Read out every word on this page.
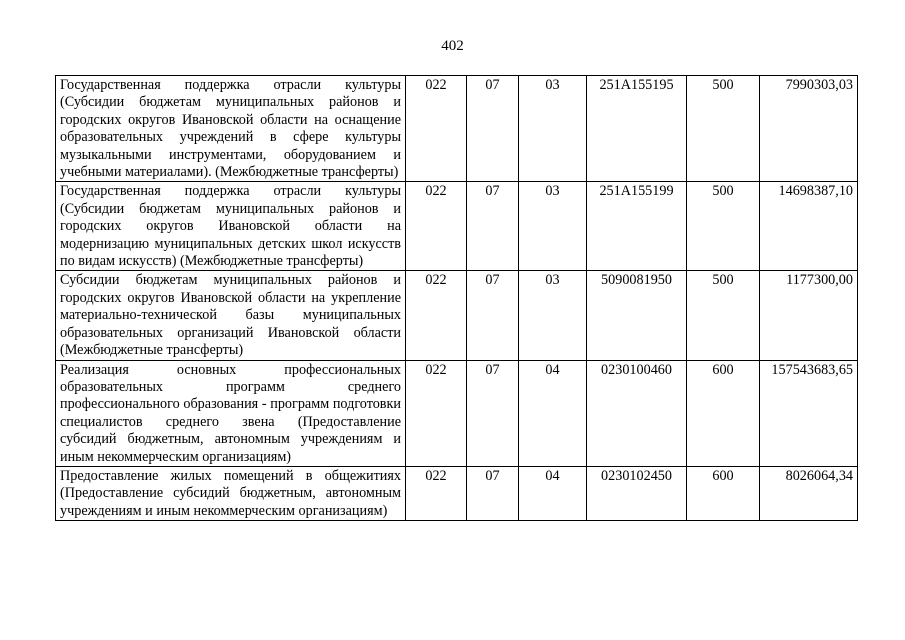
402
Государственная поддержка отрасли культуры (Субсидии бюджетам муниципальных районов и городских округов Ивановской области на оснащение образовательных учреждений в сфере культуры музыкальными инструментами, оборудованием и учебными материалами). (Межбюджетные трансферты)	022	07	03	251A155195	500	7990303,03
Государственная поддержка отрасли культуры (Субсидии бюджетам муниципальных районов и городских округов Ивановской области на модернизацию муниципальных детских школ искусств по видам искусств) (Межбюджетные трансферты)	022	07	03	251A155199	500	14698387,10
Субсидии бюджетам муниципальных районов и городских округов Ивановской области на укрепление материально-технической базы муниципальных образовательных организаций Ивановской области (Межбюджетные трансферты)	022	07	03	5090081950	500	1177300,00
Реализация основных профессиональных образовательных программ среднего профессионального образования - программ подготовки специалистов среднего звена (Предоставление субсидий бюджетным, автономным учреждениям и иным некоммерческим организациям)	022	07	04	0230100460	600	157543683,65
Предоставление жилых помещений в общежитиях (Предоставление субсидий бюджетным, автономным учреждениям и иным некоммерческим организациям)	022	07	04	0230102450	600	8026064,34
